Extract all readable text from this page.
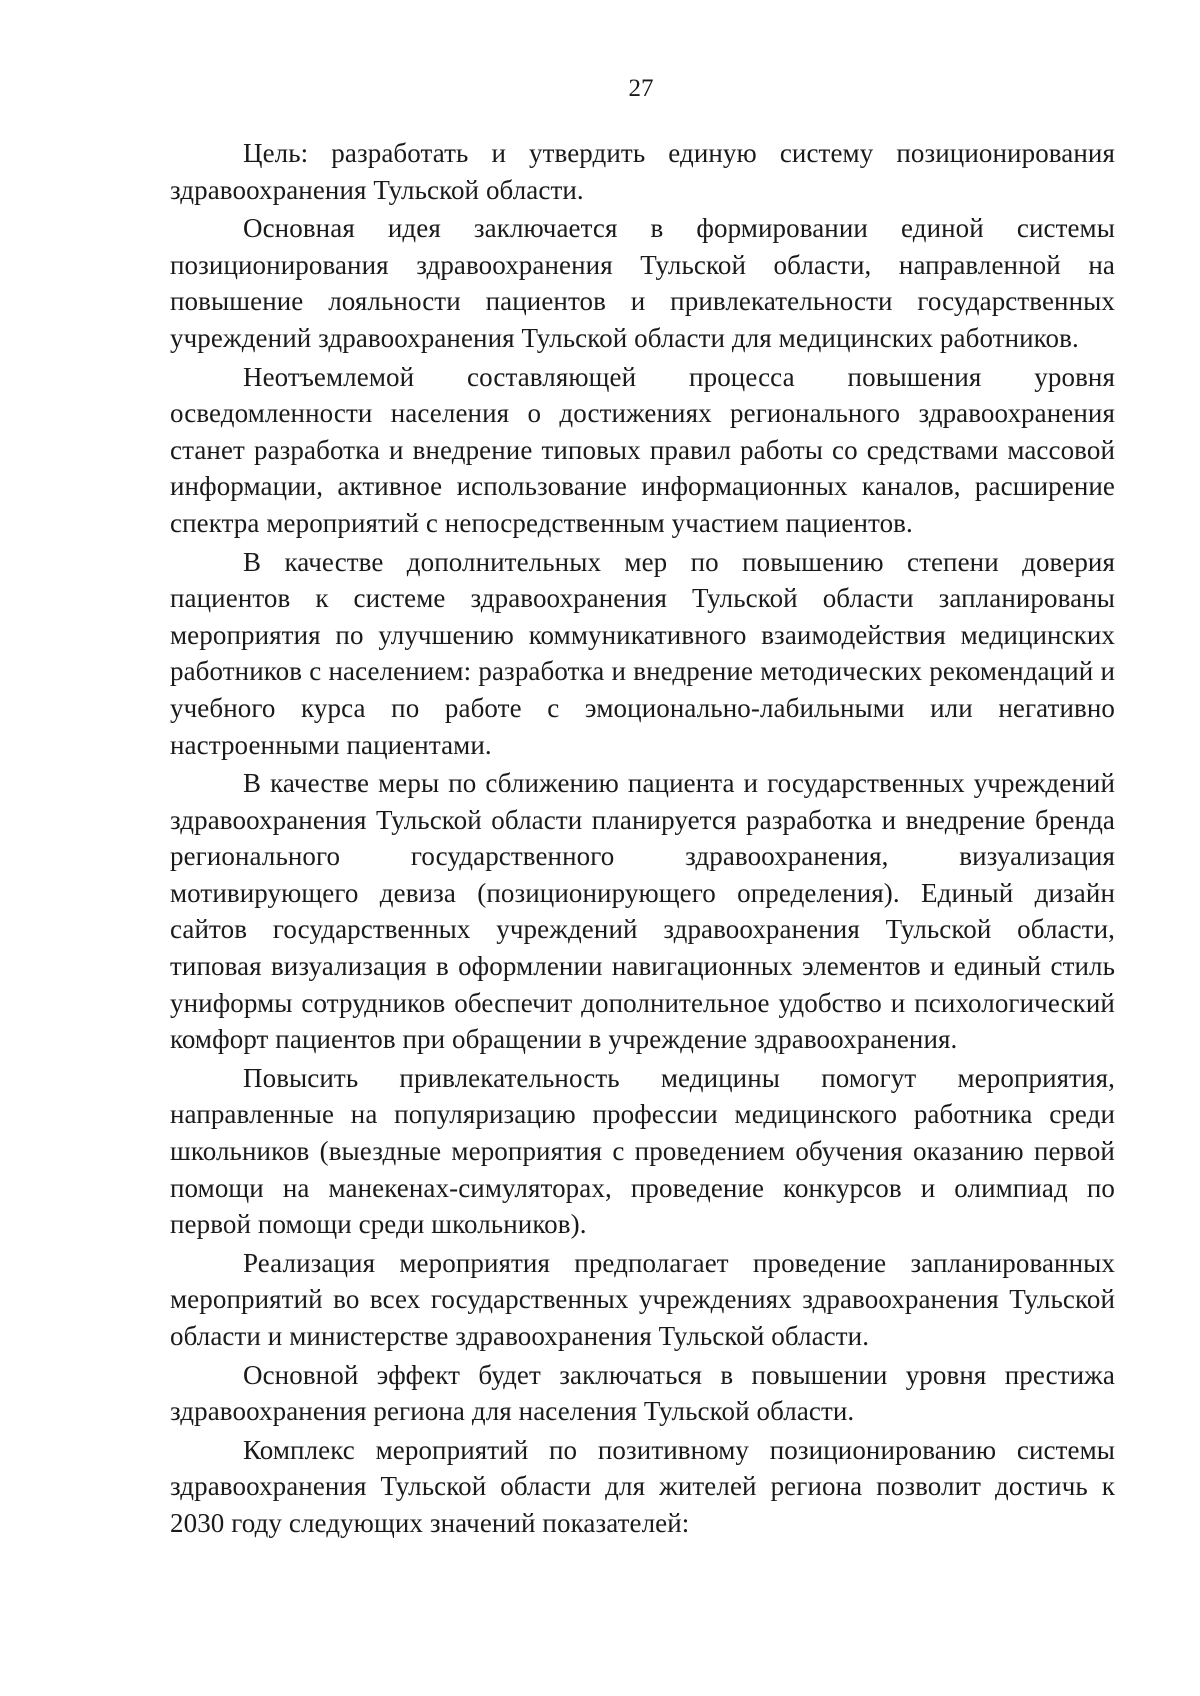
27

Цель: разработать и утвердить единую систему позиционирования здравоохранения Тульской области.

Основная идея заключается в формировании единой системы позиционирования здравоохранения Тульской области, направленной на повышение лояльности пациентов и привлекательности государственных учреждений здравоохранения Тульской области для медицинских работников.

Неотъемлемой составляющей процесса повышения уровня осведомленности населения о достижениях регионального здравоохранения станет разработка и внедрение типовых правил работы со средствами массовой информации, активное использование информационных каналов, расширение спектра мероприятий с непосредственным участием пациентов.

В качестве дополнительных мер по повышению степени доверия пациентов к системе здравоохранения Тульской области запланированы мероприятия по улучшению коммуникативного взаимодействия медицинских работников с населением: разработка и внедрение методических рекомендаций и учебного курса по работе с эмоционально-лабильными или негативно настроенными пациентами.

В качестве меры по сближению пациента и государственных учреждений здравоохранения Тульской области планируется разработка и внедрение бренда регионального государственного здравоохранения, визуализация мотивирующего девиза (позиционирующего определения). Единый дизайн сайтов государственных учреждений здравоохранения Тульской области, типовая визуализация в оформлении навигационных элементов и единый стиль униформы сотрудников обеспечит дополнительное удобство и психологический комфорт пациентов при обращении в учреждение здравоохранения.

Повысить привлекательность медицины помогут мероприятия, направленные на популяризацию профессии медицинского работника среди школьников (выездные мероприятия с проведением обучения оказанию первой помощи на манекенах-симуляторах, проведение конкурсов и олимпиад по первой помощи среди школьников).

Реализация мероприятия предполагает проведение запланированных мероприятий во всех государственных учреждениях здравоохранения Тульской области и министерстве здравоохранения Тульской области.

Основной эффект будет заключаться в повышении уровня престижа здравоохранения региона для населения Тульской области.

Комплекс мероприятий по позитивному позиционированию системы здравоохранения Тульской области для жителей региона позволит достичь к 2030 году следующих значений показателей:
